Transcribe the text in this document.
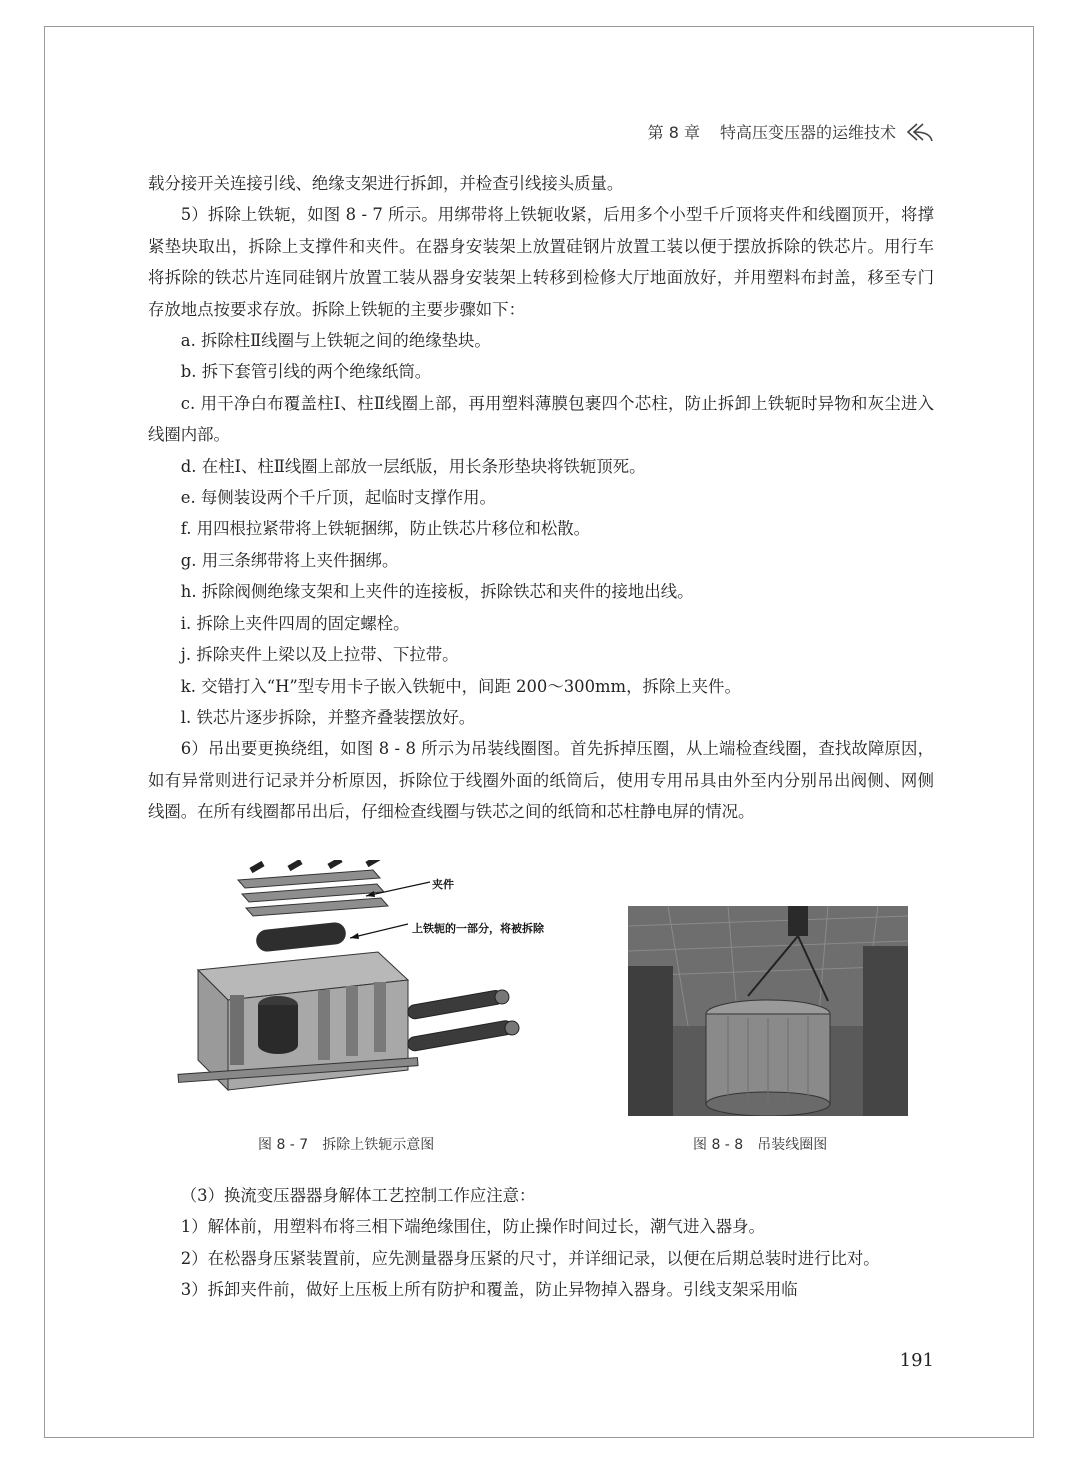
第 8 章 特高压变压器的运维技术

载分接开关连接引线、绝缘支架进行拆卸，并检查引线接头质量。

5）拆除上铁轭，如图 8 - 7 所示。用绑带将上铁轭收紧，后用多个小型千斤顶将夹件和线圈顶开，将撑紧垫块取出，拆除上支撑件和夹件。在器身安装架上放置硅钢片放置工装以便于摆放拆除的铁芯片。用行车将拆除的铁芯片连同硅钢片放置工装从器身安装架上转移到检修大厅地面放好，并用塑料布封盖，移至专门存放地点按要求存放。拆除上铁轭的主要步骤如下：

a. 拆除柱Ⅱ线圈与上铁轭之间的绝缘垫块。

b. 拆下套管引线的两个绝缘纸筒。

c. 用干净白布覆盖柱Ⅰ、柱Ⅱ线圈上部，再用塑料薄膜包裹四个芯柱，防止拆卸上铁轭时异物和灰尘进入线圈内部。

d. 在柱Ⅰ、柱Ⅱ线圈上部放一层纸版，用长条形垫块将铁轭顶死。

e. 每侧装设两个千斤顶，起临时支撑作用。

f. 用四根拉紧带将上铁轭捆绑，防止铁芯片移位和松散。

g. 用三条绑带将上夹件捆绑。

h. 拆除阀侧绝缘支架和上夹件的连接板，拆除铁芯和夹件的接地出线。

i. 拆除上夹件四周的固定螺栓。

j. 拆除夹件上梁以及上拉带、下拉带。

k. 交错打入“H”型专用卡子嵌入铁轭中，间距 200～300mm，拆除上夹件。

l. 铁芯片逐步拆除，并整齐叠装摆放好。

6）吊出要更换绕组，如图 8 - 8 所示为吊装线圈图。首先拆掉压圈，从上端检查线圈，查找故障原因，如有异常则进行记录并分析原因，拆除位于线圈外面的纸筒后，使用专用吊具由外至内分别吊出阀侧、网侧线圈。在所有线圈都吊出后，仔细检查线圈与铁芯之间的纸筒和芯柱静电屏的情况。

夹件
上铁轭的一部分，将被拆除
图 8 - 7　拆除上铁轭示意图	图 8 - 8　吊装线圈图

（3）换流变压器器身解体工艺控制工作应注意：

1）解体前，用塑料布将三相下端绝缘围住，防止操作时间过长，潮气进入器身。

2）在松器身压紧装置前，应先测量器身压紧的尺寸，并详细记录，以便在后期总装时进行比对。

3）拆卸夹件前，做好上压板上所有防护和覆盖，防止异物掉入器身。引线支架采用临

191
